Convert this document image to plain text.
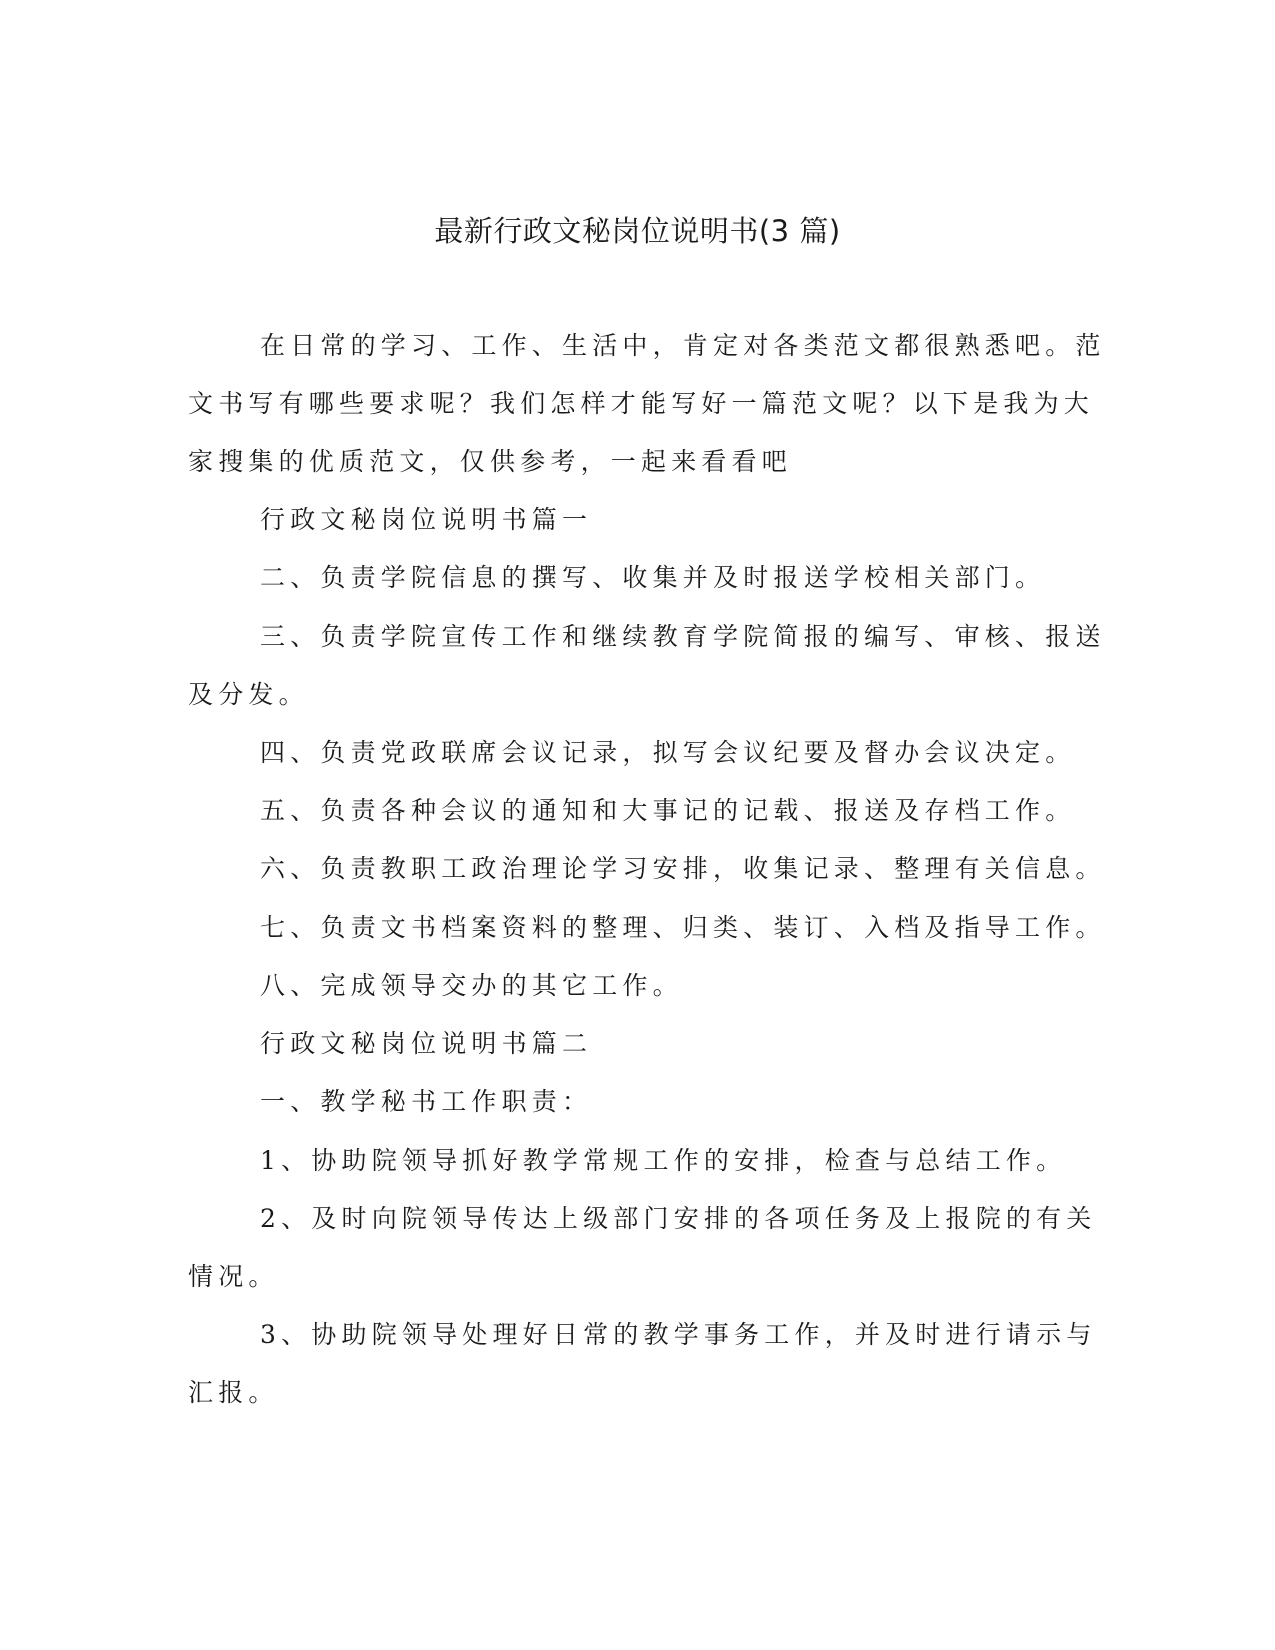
最新行政文秘岗位说明书(3 篇)
在日常的学习、工作、生活中，肯定对各类范文都很熟悉吧。范
文书写有哪些要求呢？我们怎样才能写好一篇范文呢？以下是我为大
家搜集的优质范文，仅供参考，一起来看看吧
行政文秘岗位说明书篇一
二、负责学院信息的撰写、收集并及时报送学校相关部门。
三、负责学院宣传工作和继续教育学院简报的编写、审核、报送
及分发。
四、负责党政联席会议记录，拟写会议纪要及督办会议决定。
五、负责各种会议的通知和大事记的记载、报送及存档工作。
六、负责教职工政治理论学习安排，收集记录、整理有关信息。
七、负责文书档案资料的整理、归类、装订、入档及指导工作。
八、完成领导交办的其它工作。
行政文秘岗位说明书篇二
一、教学秘书工作职责：
1、协助院领导抓好教学常规工作的安排，检查与总结工作。
2、及时向院领导传达上级部门安排的各项任务及上报院的有关
情况。
3、协助院领导处理好日常的教学事务工作，并及时进行请示与
汇报。
